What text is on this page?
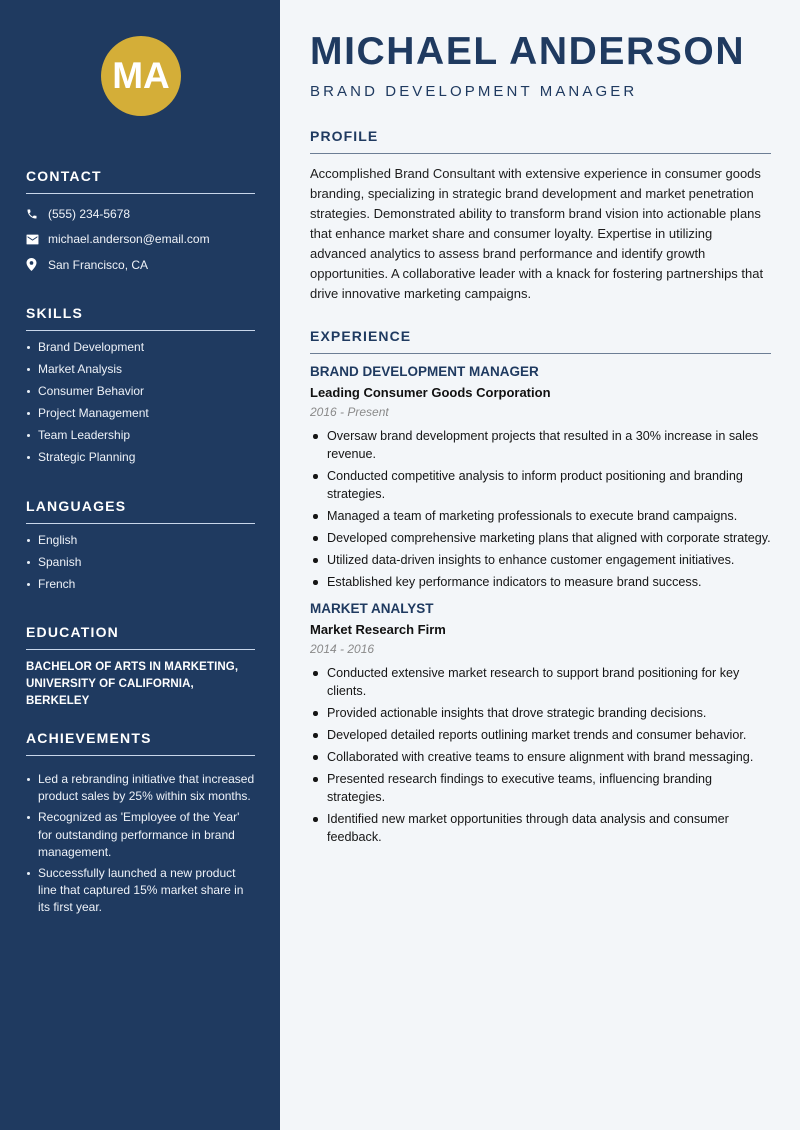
MA
CONTACT
(555) 234-5678
michael.anderson@email.com
San Francisco, CA
SKILLS
Brand Development
Market Analysis
Consumer Behavior
Project Management
Team Leadership
Strategic Planning
LANGUAGES
English
Spanish
French
EDUCATION

BACHELOR OF ARTS IN MARKETING, UNIVERSITY OF CALIFORNIA, BERKELEY

ACHIEVEMENTS
Led a rebranding initiative that increased product sales by 25% within six months.
Recognized as 'Employee of the Year' for outstanding performance in brand management.
Successfully launched a new product line that captured 15% market share in its first year.
MICHAEL ANDERSON
BRAND DEVELOPMENT MANAGER
PROFILE

Accomplished Brand Consultant with extensive experience in consumer goods branding, specializing in strategic brand development and market penetration strategies. Demonstrated ability to transform brand vision into actionable plans that enhance market share and consumer loyalty. Expertise in utilizing advanced analytics to assess brand performance and identify growth opportunities. A collaborative leader with a knack for fostering partnerships that drive innovative marketing campaigns.

EXPERIENCE
BRAND DEVELOPMENT MANAGER
Leading Consumer Goods Corporation
2016 - Present
Oversaw brand development projects that resulted in a 30% increase in sales revenue.
Conducted competitive analysis to inform product positioning and branding strategies.
Managed a team of marketing professionals to execute brand campaigns.
Developed comprehensive marketing plans that aligned with corporate strategy.
Utilized data-driven insights to enhance customer engagement initiatives.
Established key performance indicators to measure brand success.
MARKET ANALYST
Market Research Firm
2014 - 2016
Conducted extensive market research to support brand positioning for key clients.
Provided actionable insights that drove strategic branding decisions.
Developed detailed reports outlining market trends and consumer behavior.
Collaborated with creative teams to ensure alignment with brand messaging.
Presented research findings to executive teams, influencing branding strategies.
Identified new market opportunities through data analysis and consumer feedback.
